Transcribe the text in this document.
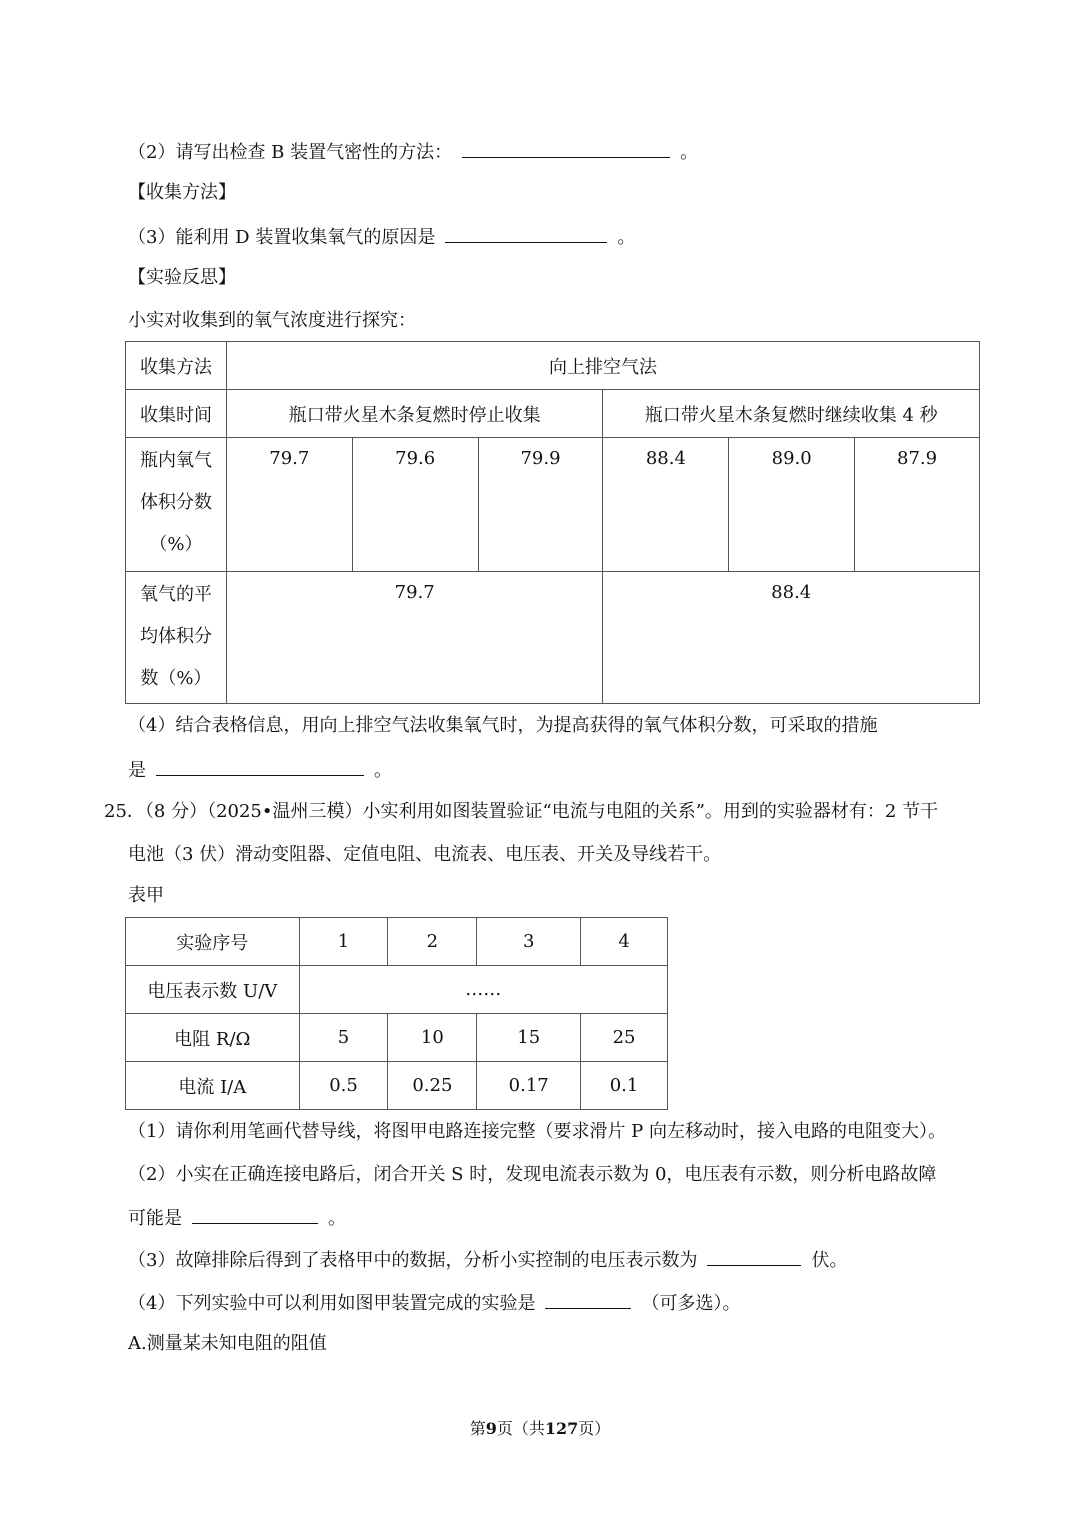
（2）请写出检查 B 装置气密性的方法：	。
【收集方法】
（3）能利用 D 装置收集氧气的原因是	。
【实验反思】
小实对收集到的氧气浓度进行探究：
收集方法	向上排空气法					
收集时间	瓶口带火星木条复燃时停止收集			瓶口带火星木条复燃时继续收集 4 秒		

瓶内氧气
体积分数
（%）	79.7	79.6	79.9	88.4	89.0	87.9

氧气的平
均体积分
数（%）	79.7			88.4		
（4）结合表格信息，用向上排空气法收集氧气时，为提高获得的氧气体积分数，可采取的措施
是	。
25．（8 分）（2025•温州三模）小实利用如图装置验证“电流与电阻的关系”。用到的实验器材有：2 节干
电池（3 伏）滑动变阻器、定值电阻、电流表、电压表、开关及导线若干。
表甲
实验序号	1	2	3	4
电压表示数 U/V	……			
电阻 R/Ω	5	10	15	25
电流 I/A	0.5	0.25	0.17	0.1
（1）请你利用笔画代替导线，将图甲电路连接完整（要求滑片 P 向左移动时，接入电路的电阻变大）。
（2）小实在正确连接电路后，闭合开关 S 时，发现电流表示数为 0，电压表有示数，则分析电路故障
可能是	。
（3）故障排除后得到了表格甲中的数据，分析小实控制的电压表示数为	伏。
（4）下列实验中可以利用如图甲装置完成的实验是	（可多选）。
A.测量某未知电阻的阻值
第9页（共127页）
